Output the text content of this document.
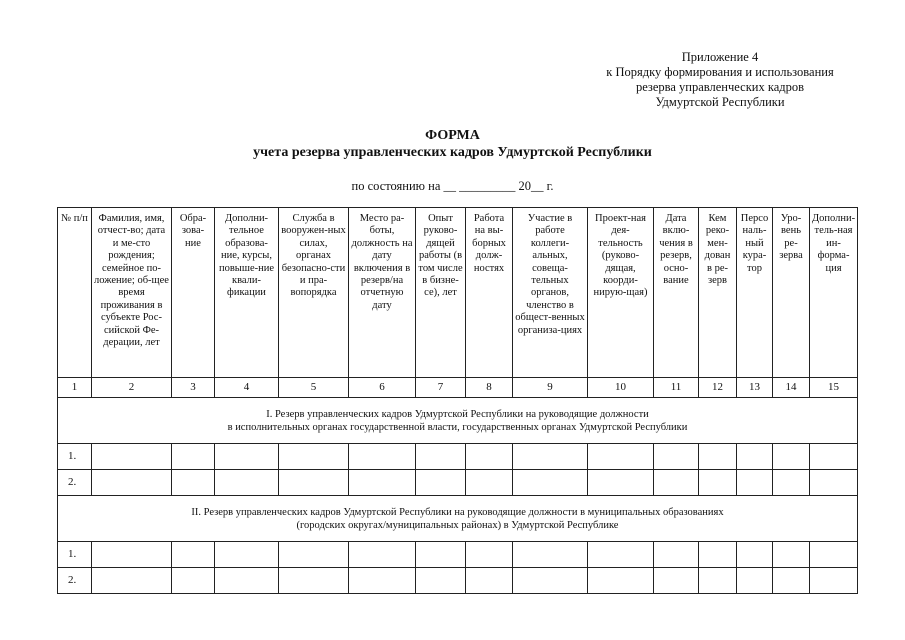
Приложение 4
к Порядку формирования и использования
резерва управленческих кадров
Удмуртской Республики
ФОРМА
учета резерва управленческих кадров Удмуртской Республики
по состоянию на __ _________ 20__ г.
№ п/п	Фамилия, имя, отчест-во; дата и ме-сто рождения; семейное по-ложение; об-щее время проживания в субъекте Рос-сийской Фе-дерации, лет	Обра-зова-ние	Дополни-тельное образова-ние, курсы, повыше-ние квали-фикации	Служба в вооружен-ных силах, органах безопасно-сти и пра-вопорядка	Место ра-боты, должность на дату включения в резерв/на отчетную дату	Опыт руково-дящей работы (в том числе в бизне-се), лет	Работа на вы-борных долж-ностях	Участие в работе коллеги-альных, совеща-тельных органов, членство в общест-венных организа-циях	Проект-ная дея-тельность (руково-дящая, коорди-нирую-щая)	Дата вклю-чения в резерв, осно-вание	Кем реко-мен-дован в ре-зерв	Персо наль-ный кура-тор	Уро-вень ре-зерва	Дополни-тель-ная ин-форма-ция
1	2	3	4	5	6	7	8	9	10	11	12	13	14	15

I. Резерв управленческих кадров Удмуртской Республики на руководящие должности
в исполнительных органах государственной власти, государственных органах Удмуртской Республики														

1.														
2.														

II. Резерв управленческих кадров Удмуртской Республики на руководящие должности в муниципальных образованиях
(городских округах/муниципальных районах) в Удмуртской Республике														

1.														
2.														
